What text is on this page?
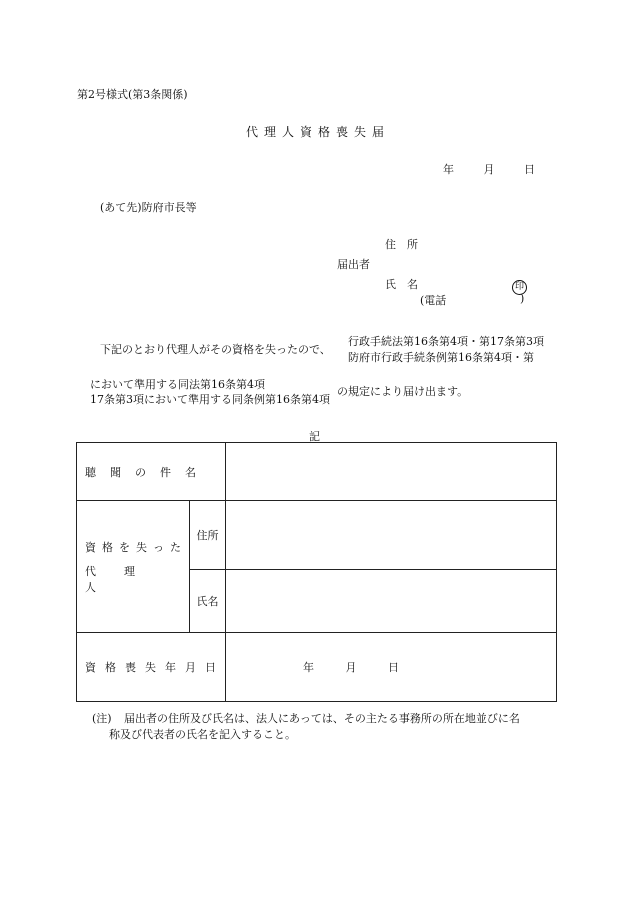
第2号様式(第3条関係)
代理人資格喪失届
年	月	日
(あて先)防府市長等
住　所
届出者
氏　名	印
(電話	)
下記のとおり代理人がその資格を失ったので、
行政手続法第16条第4項・第17条第3項
防府市行政手続条例第16条第4項・第
において準用する同法第16条第4項
17条第3項において準用する同条例第16条第4項
の規定により届け出ます。
記
聴聞の件名		

資格を失った
代理人	住所	
	氏名	

資格喪失年月日		年 月 日
(注) 届出者の住所及び氏名は、法人にあっては、その主たる事務所の所在地並びに名
称及び代表者の氏名を記入すること。
